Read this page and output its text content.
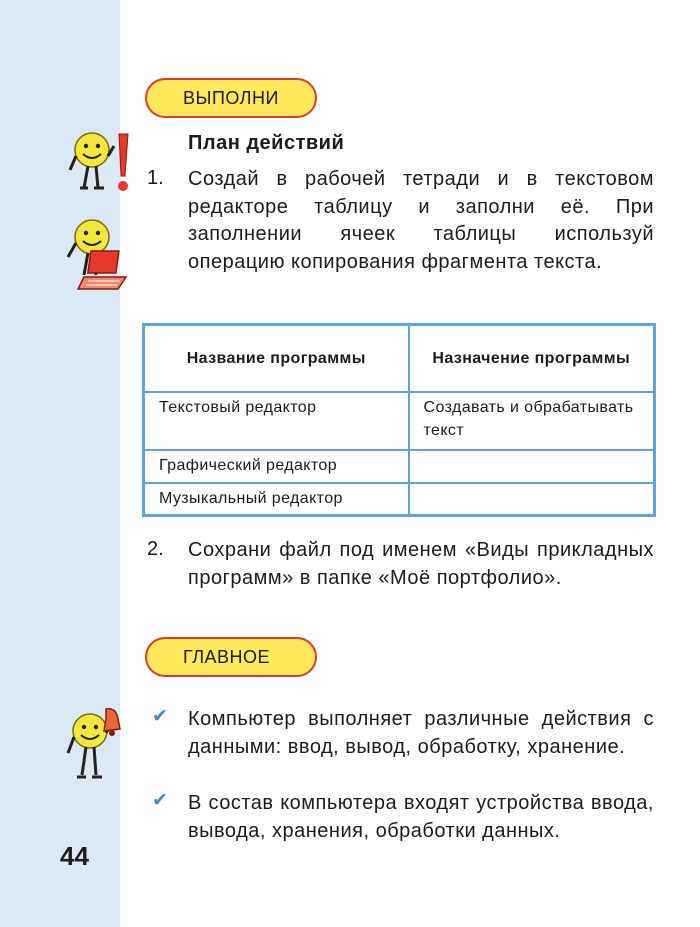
ВЫПОЛНИ
План действий
1. Создай в рабочей тетради и в текстовом редакторе таблицу и заполни её. При заполнении ячеек таблицы используй операцию копирования фрагмента текста.
Название программы	Назначение программы
Текстовый редактор	Создавать и обрабатывать текст
Графический редактор	
Музыкальный редактор	
2. Сохрани файл под именем «Виды прикладных программ» в папке «Моё портфолио».
ГЛАВНОЕ
✔ Компьютер выполняет различные действия с данными: ввод, вывод, обработку, хранение.
✔ В состав компьютера входят устройства ввода, вывода, хранения, обработки данных.
44
